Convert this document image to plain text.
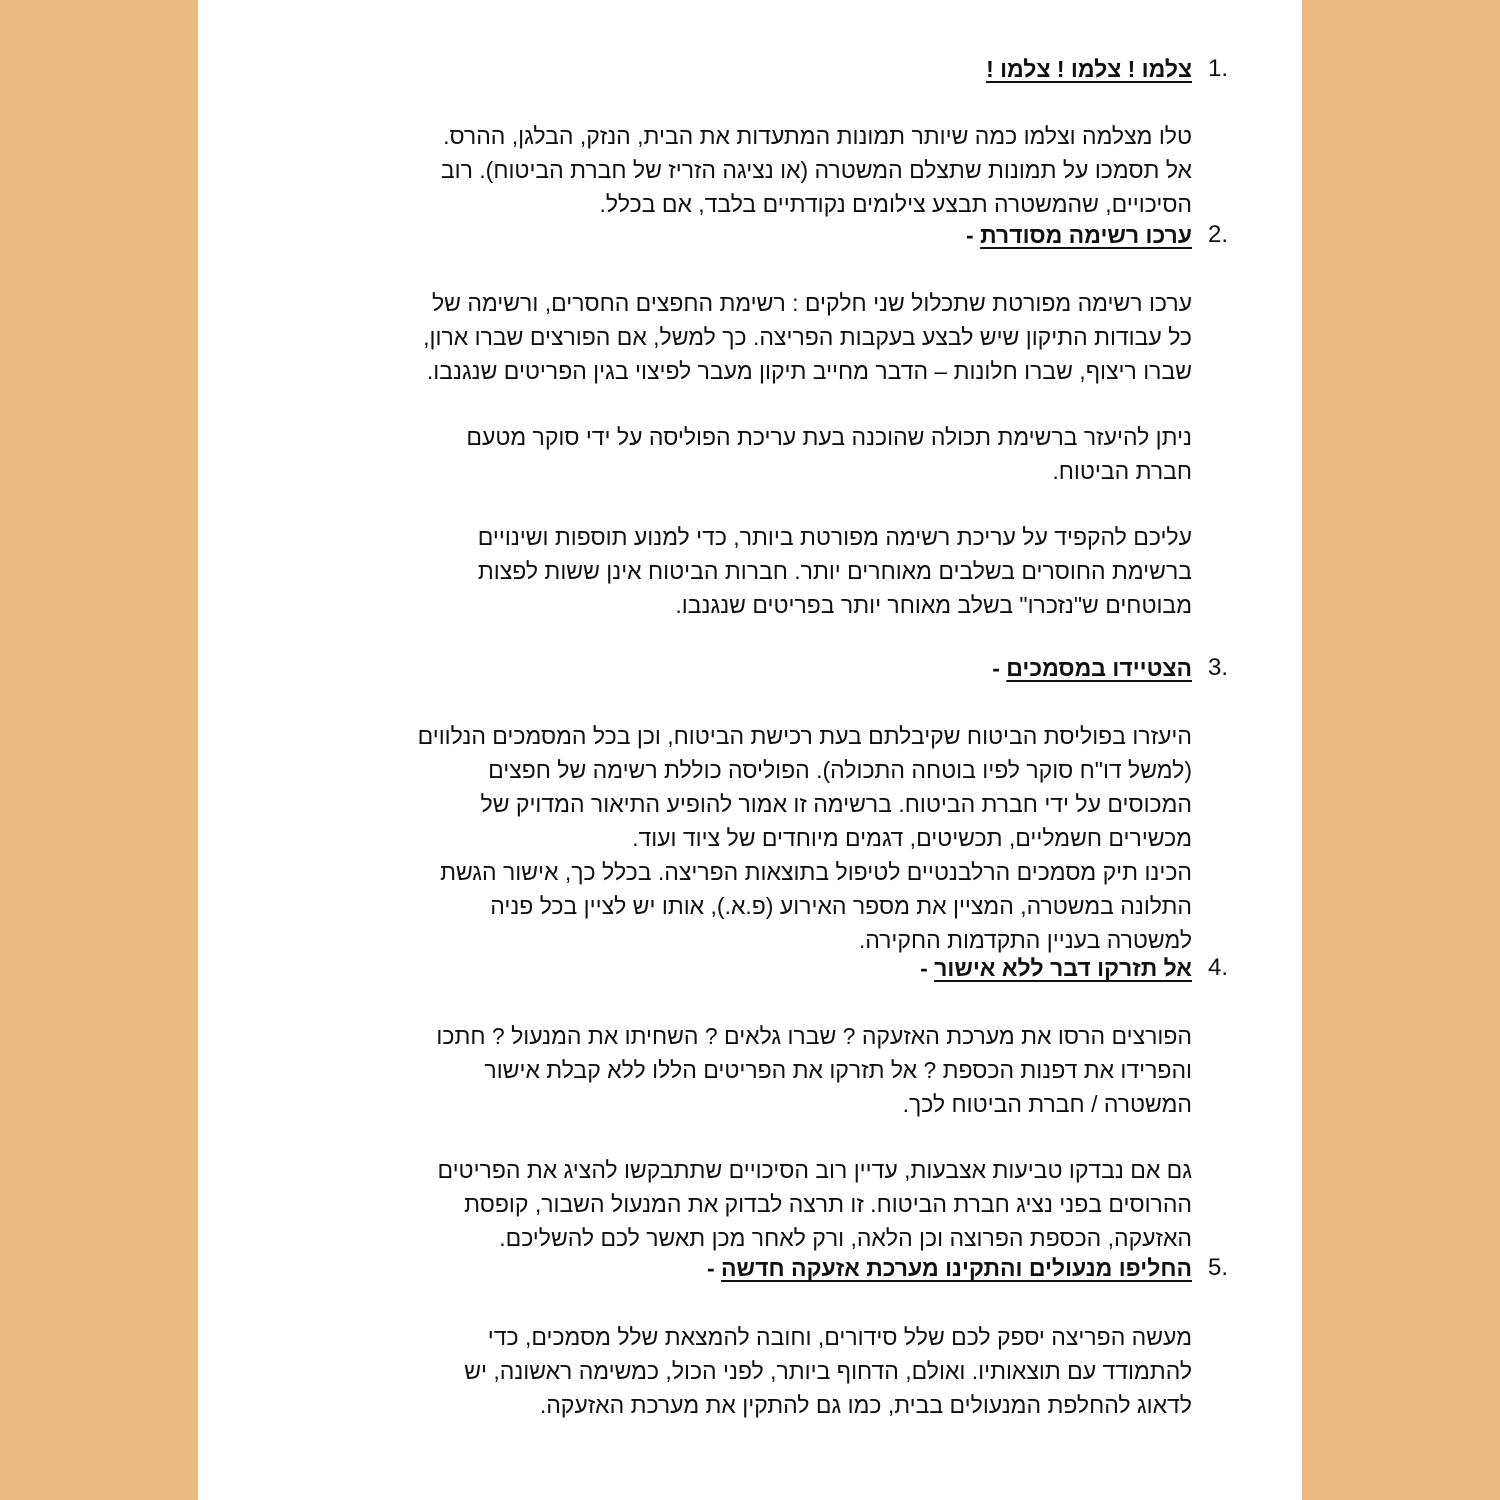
1.
צלמו ! צלמו ! צלמו !
טלו מצלמה וצלמו כמה שיותר תמונות המתעדות את הבית, הנזק, הבלגן, ההרס.
אל תסמכו על תמונות שתצלם המשטרה (או נציגה הזריז של חברת הביטוח). רוב
הסיכויים, שהמשטרה תבצע צילומים נקודתיים בלבד, אם בכלל.
2.
ערכו רשימה מסודרת -
ערכו רשימה מפורטת שתכלול שני חלקים : רשימת החפצים החסרים, ורשימה של
כל עבודות התיקון שיש לבצע בעקבות הפריצה. כך למשל, אם הפורצים שברו ארון,
שברו ריצוף, שברו חלונות – הדבר מחייב תיקון מעבר לפיצוי בגין הפריטים שנגנבו.
ניתן להיעזר ברשימת תכולה שהוכנה בעת עריכת הפוליסה על ידי סוקר מטעם
חברת הביטוח.
עליכם להקפיד על עריכת רשימה מפורטת ביותר, כדי למנוע תוספות ושינויים
ברשימת החוסרים בשלבים מאוחרים יותר. חברות הביטוח אינן ששות לפצות
מבוטחים ש"נזכרו" בשלב מאוחר יותר בפריטים שנגנבו.
3.
הצטיידו במסמכים -
היעזרו בפוליסת הביטוח שקיבלתם בעת רכישת הביטוח, וכן בכל המסמכים הנלווים
(למשל דו"ח סוקר לפיו בוטחה התכולה). הפוליסה כוללת רשימה של חפצים
המכוסים על ידי חברת הביטוח. ברשימה זו אמור להופיע התיאור המדויק של
מכשירים חשמליים, תכשיטים, דגמים מיוחדים של ציוד ועוד.
הכינו תיק מסמכים הרלבנטיים לטיפול בתוצאות הפריצה. בכלל כך, אישור הגשת
התלונה במשטרה, המציין את מספר האירוע (פ.א.), אותו יש לציין בכל פניה
למשטרה בעניין התקדמות החקירה.
4.
אל תזרקו דבר ללא אישור -
הפורצים הרסו את מערכת האזעקה ? שברו גלאים ? השחיתו את המנעול ? חתכו
והפרידו את דפנות הכספת ? אל תזרקו את הפריטים הללו ללא קבלת אישור
המשטרה / חברת הביטוח לכך.
גם אם נבדקו טביעות אצבעות, עדיין רוב הסיכויים שתתבקשו להציג את הפריטים
ההרוסים בפני נציג חברת הביטוח. זו תרצה לבדוק את המנעול השבור, קופסת
האזעקה, הכספת הפרוצה וכן הלאה, ורק לאחר מכן תאשר לכם להשליכם.
5.
החליפו מנעולים והתקינו מערכת אזעקה חדשה -
מעשה הפריצה יספק לכם שלל סידורים, וחובה להמצאת שלל מסמכים, כדי
להתמודד עם תוצאותיו. ואולם, הדחוף ביותר, לפני הכול, כמשימה ראשונה, יש
לדאוג להחלפת המנעולים בבית, כמו גם להתקין את מערכת האזעקה.
